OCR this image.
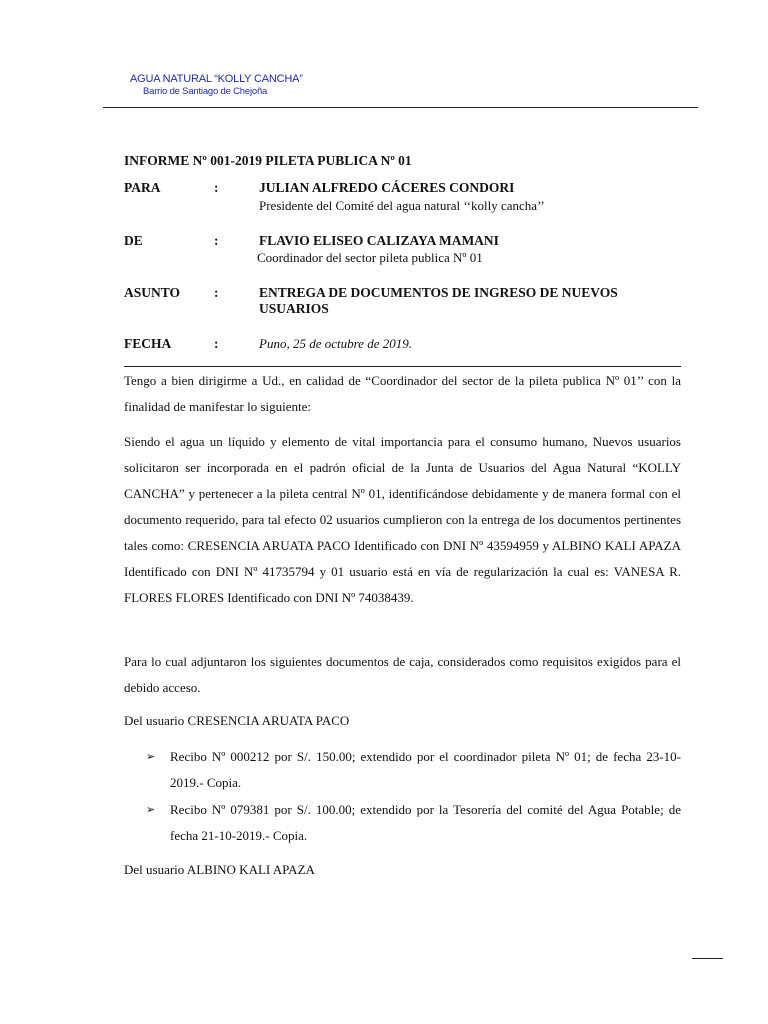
AGUA NATURAL “KOLLY CANCHA”
Barrio de Santiago de Chejoña
INFORME Nº 001-2019 PILETA PUBLICA Nº 01
PARA	:	JULIAN ALFREDO CÁCERES CONDORI
Presidente del Comité del agua natural ‘‘kolly cancha’’
DE	:	FLAVIO ELISEO CALIZAYA MAMANI
Coordinador del sector pileta publica Nº 01
ASUNTO	:	ENTREGA DE DOCUMENTOS DE INGRESO DE NUEVOS
USUARIOS
FECHA	:	Puno, 25 de octubre de 2019.
Tengo a bien dirigirme a Ud., en calidad de “Coordinador del sector de la pileta publica Nº 01’’ con la finalidad de manifestar lo siguiente:
Siendo el agua un líquido y elemento de vital importancia para el consumo humano, Nuevos usuarios solicitaron ser incorporada en el padrón oficial de la Junta de Usuarios del Agua Natural “KOLLY CANCHA” y pertenecer a la pileta central Nº 01, identificándose debidamente y de manera formal con el documento requerido, para tal efecto 02 usuarios cumplieron con la entrega de los documentos pertinentes tales como: CRESENCIA ARUATA PACO Identificado con DNI Nº 43594959 y ALBINO KALI APAZA Identificado con DNI Nº 41735794 y 01 usuario está en vía de regularización la cual es: VANESA R. FLORES FLORES Identificado con DNI Nº 74038439.
Para lo cual adjuntaron los siguientes documentos de caja, considerados como requisitos exigidos para el debido acceso.
Del usuario CRESENCIA ARUATA PACO
➢ Recibo Nº 000212 por S/. 150.00; extendido por el coordinador pileta Nº 01; de fecha 23-10-2019.- Copia.
➢ Recibo Nº 079381 por S/. 100.00; extendido por la Tesorería del comité del Agua Potable; de fecha 21-10-2019.- Copia.
Del usuario ALBINO KALI APAZA
